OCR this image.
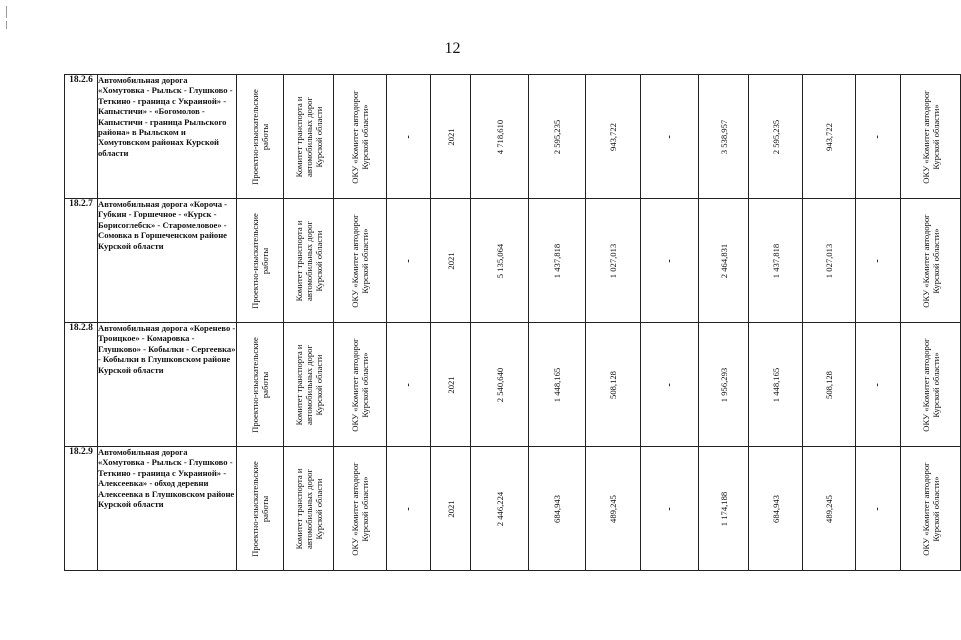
12
18.2.6	Автомобильная дорога «Хомутовка - Рыльск - Глушково - Теткино - граница с Украиной» - Капыстичи» - «Богомолов - Капыстичи - граница Рыльского района» в Рыльском и Хомутовском районах Курской области	Проектно-изыскательские работы	Комитет транспорта и автомобильных дорог Курской области	ОКУ «Комитет автодорог Курской области»	-	2021	4 718,610	2 595,235	943,722	-	3 538,957	2 595,235	943,722	-	ОКУ «Комитет автодорог Курской области»

18.2.7	Автомобильная дорога «Короча - Губкин - Горшечное - «Курск - Борисоглебск» - Старомеловое» - Сомовка в Горшеченском районе Курской области	Проектно-изыскательские работы	Комитет транспорта и автомобильных дорог Курской области	ОКУ «Комитет автодорог Курской области»	-	2021	5 135,064	1 437,818	1 027,013	-	2 464,831	1 437,818	1 027,013	-	ОКУ «Комитет автодорог Курской области»

18.2.8	Автомобильная дорога «Коренево - Троицкое» - Комаровка - Глушково» - Кобылки - Сергеевка» - Кобылки в Глушковском районе Курской области	Проектно-изыскательские работы	Комитет транспорта и автомобильных дорог Курской области	ОКУ «Комитет автодорог Курской области»	-	2021	2 540,640	1 448,165	508,128	-	1 956,293	1 448,165	508,128	-	ОКУ «Комитет автодорог Курской области»

18.2.9	Автомобильная дорога «Хомутовка - Рыльск - Глушково - Теткино - граница с Украиной» - Алексеевка» - обход деревни Алексеевка в Глушковском районе Курской области	Проектно-изыскательские работы	Комитет транспорта и автомобильных дорог Курской области	ОКУ «Комитет автодорог Курской области»	-	2021	2 446,224	684,943	489,245	-	1 174,188	684,943	489,245	-	ОКУ «Комитет автодорог Курской области»
